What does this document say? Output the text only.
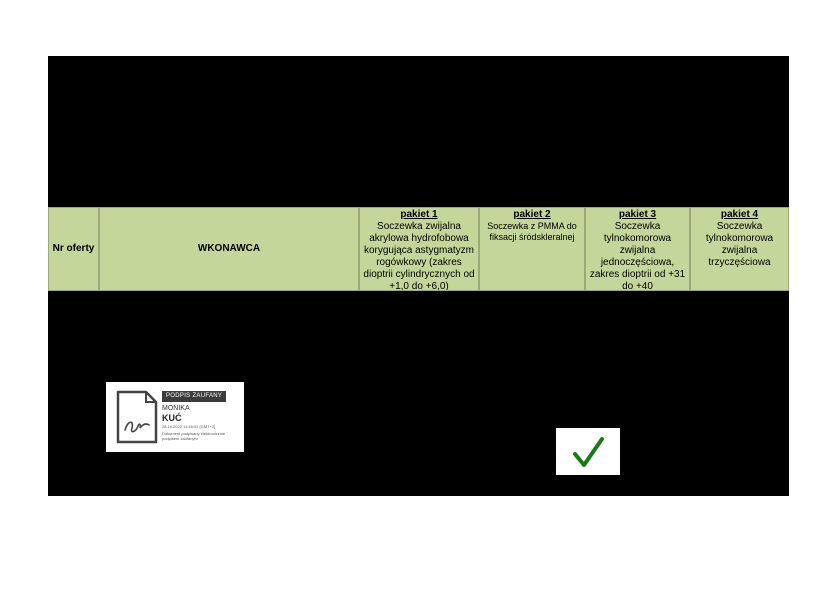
Nr oferty	WKONAWCA
pakiet 1
Soczewka zwijalna akrylowa hydrofobowa korygująca astygmatyzm rogówkowy (zakres dioptrii cylindrycznych od +1,0 do +6,0)
pakiet 2
Soczewka z PMMA do fiksacji śródskleralnej
pakiet 3
Soczewka tylnokomorowa zwijalna jednoczęściowa, zakres dioptrii od +31 do +40
pakiet 4
Soczewka tylnokomorowa zwijalna trzyczęściowa
PODPIS ZAUFANY
MONIKA
KUĆ
28.10.2022 11:45:51 [GMT+2]
Dokument podpisany elektronicznie podpisem zaufanym
